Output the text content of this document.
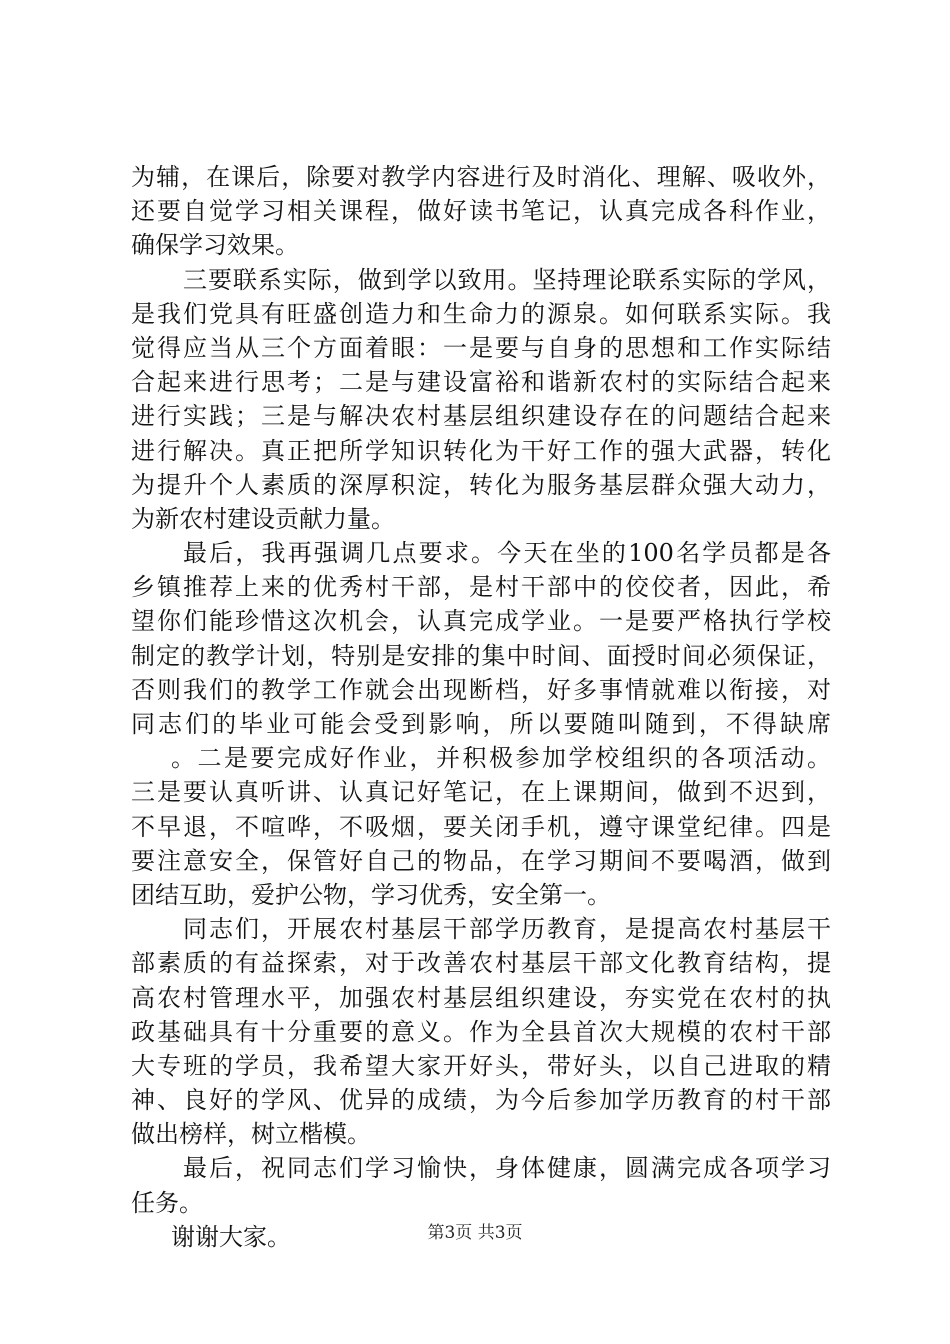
为辅，在课后，除要对教学内容进行及时消化、理解、吸收外，
还要自觉学习相关课程，做好读书笔记，认真完成各科作业，
确保学习效果。
三要联系实际，做到学以致用。坚持理论联系实际的学风，
是我们党具有旺盛创造力和生命力的源泉。如何联系实际。我
觉得应当从三个方面着眼：一是要与自身的思想和工作实际结
合起来进行思考；二是与建设富裕和谐新农村的实际结合起来
进行实践；三是与解决农村基层组织建设存在的问题结合起来
进行解决。真正把所学知识转化为干好工作的强大武器，转化
为提升个人素质的深厚积淀，转化为服务基层群众强大动力，
为新农村建设贡献力量。
最后，我再强调几点要求。今天在坐的100名学员都是各
乡镇推荐上来的优秀村干部，是村干部中的佼佼者，因此，希
望你们能珍惜这次机会，认真完成学业。一是要严格执行学校
制定的教学计划，特别是安排的集中时间、面授时间必须保证，
否则我们的教学工作就会出现断档，好多事情就难以衔接，对
同志们的毕业可能会受到影响，所以要随叫随到，不得缺席
。二是要完成好作业，并积极参加学校组织的各项活动。
三是要认真听讲、认真记好笔记，在上课期间，做到不迟到，
不早退，不喧哗，不吸烟，要关闭手机，遵守课堂纪律。四是
要注意安全，保管好自己的物品，在学习期间不要喝酒，做到
团结互助，爱护公物，学习优秀，安全第一。
同志们，开展农村基层干部学历教育，是提高农村基层干
部素质的有益探索，对于改善农村基层干部文化教育结构，提
高农村管理水平，加强农村基层组织建设，夯实党在农村的执
政基础具有十分重要的意义。作为全县首次大规模的农村干部
大专班的学员，我希望大家开好头，带好头，以自己进取的精
神、良好的学风、优异的成绩，为今后参加学历教育的村干部
做出榜样，树立楷模。
最后，祝同志们学习愉快，身体健康，圆满完成各项学习
任务。
谢谢大家。	第3页 共3页
